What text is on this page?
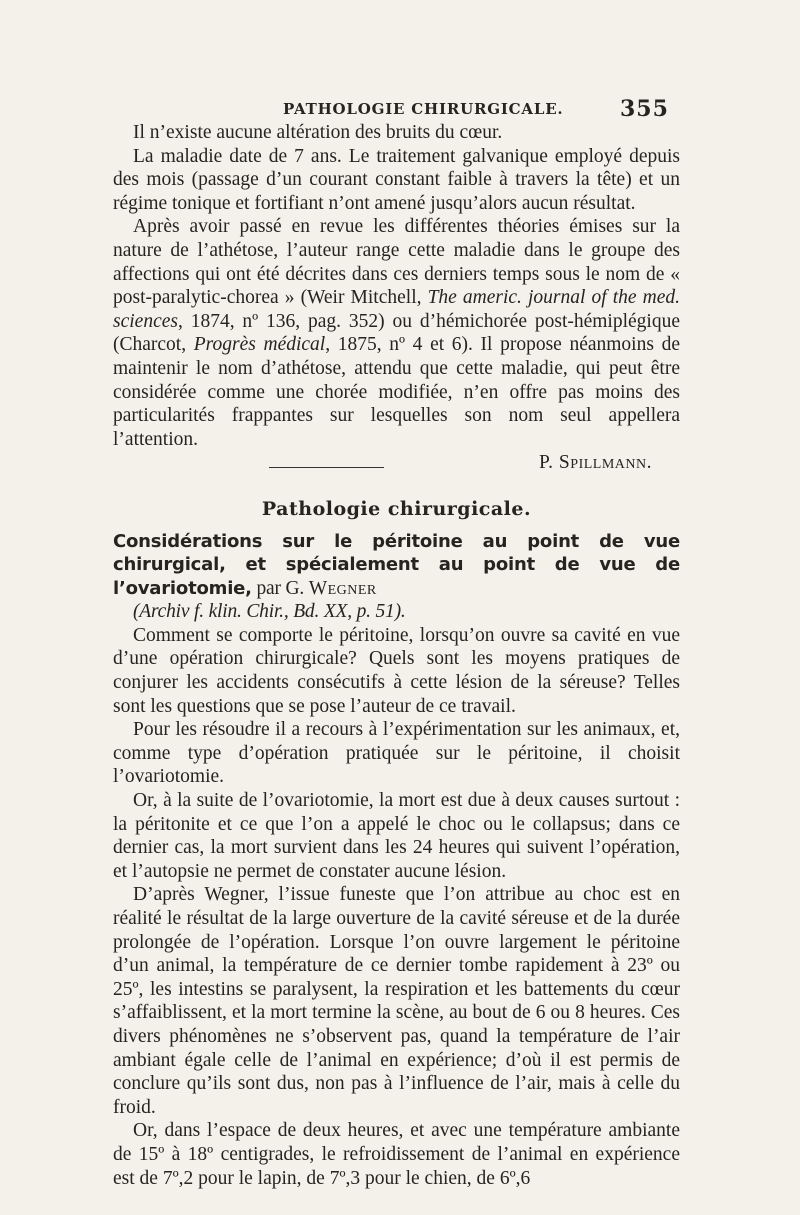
PATHOLOGIE CHIRURGICALE.	355

Il n’existe aucune altération des bruits du cœur.

La maladie date de 7 ans. Le traitement galvanique employé depuis des mois (passage d’un courant constant faible à travers la tête) et un régime tonique et fortifiant n’ont amené jusqu’alors aucun résultat.

Après avoir passé en revue les différentes théories émises sur la nature de l’athétose, l’auteur range cette maladie dans le groupe des affections qui ont été décrites dans ces derniers temps sous le nom de « post-paralytic-chorea » (Weir Mitchell, The americ. journal of the med. sciences, 1874, nº 136, pag. 352) ou d’hémichorée post-hémiplégique (Charcot, Progrès médical, 1875, nº 4 et 6). Il propose néanmoins de maintenir le nom d’athétose, attendu que cette maladie, qui peut être considérée comme une chorée modifiée, n’en offre pas moins des particularités frappantes sur lesquelles son nom seul appellera l’attention.

P. Spillmann.
Pathologie chirurgicale.

Considérations sur le péritoine au point de vue chirurgical, et spécialement au point de vue de l’ovariotomie, par G. Wegner
(Archiv f. klin. Chir., Bd. XX, p. 51).

Comment se comporte le péritoine, lorsqu’on ouvre sa cavité en vue d’une opération chirurgicale? Quels sont les moyens pratiques de conjurer les accidents consécutifs à cette lésion de la séreuse? Telles sont les questions que se pose l’auteur de ce travail.

Pour les résoudre il a recours à l’expérimentation sur les animaux, et, comme type d’opération pratiquée sur le péritoine, il choisit l’ovariotomie.

Or, à la suite de l’ovariotomie, la mort est due à deux causes surtout : la péritonite et ce que l’on a appelé le choc ou le collapsus; dans ce dernier cas, la mort survient dans les 24 heures qui suivent l’opération, et l’autopsie ne permet de constater aucune lésion.

D’après Wegner, l’issue funeste que l’on attribue au choc est en réalité le résultat de la large ouverture de la cavité séreuse et de la durée prolongée de l’opération. Lorsque l’on ouvre largement le péritoine d’un animal, la température de ce dernier tombe rapidement à 23º ou 25º, les intestins se paralysent, la respiration et les battements du cœur s’affaiblissent, et la mort termine la scène, au bout de 6 ou 8 heures. Ces divers phénomènes ne s’observent pas, quand la température de l’air ambiant égale celle de l’animal en expérience; d’où il est permis de conclure qu’ils sont dus, non pas à l’influence de l’air, mais à celle du froid.

Or, dans l’espace de deux heures, et avec une température ambiante de 15º à 18º centigrades, le refroidissement de l’animal en expérience est de 7º,2 pour le lapin, de 7º,3 pour le chien, de 6º,6
